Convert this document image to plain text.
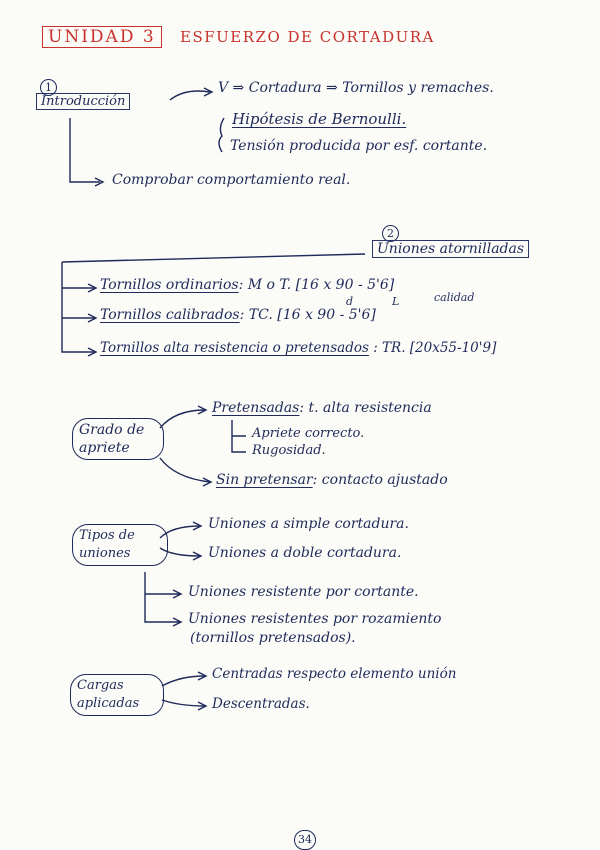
UNIDAD 3	ESFUERZO DE CORTADURA
1
Introducción
V ⇒ Cortadura ⇒ Tornillos y remaches.
Hipótesis de Bernoulli.
Tensión producida por esf. cortante.
Comprobar comportamiento real.
2
Uniones atornilladas
Tornillos ordinarios: M o T. [16 x 90 - 5'6]
d	L	calidad
Tornillos calibrados: TC. [16 x 90 - 5'6]
Tornillos alta resistencia o pretensados : TR. [20x55-10'9]
Grado de apriete
Pretensadas: t. alta resistencia
Apriete correcto.
Rugosidad.
Sin pretensar: contacto ajustado
Tipos de uniones
Uniones a simple cortadura.
Uniones a doble cortadura.
Uniones resistente por cortante.
Uniones resistentes por rozamiento
(tornillos pretensados).
Cargas aplicadas
Centradas respecto elemento unión
Descentradas.
34
